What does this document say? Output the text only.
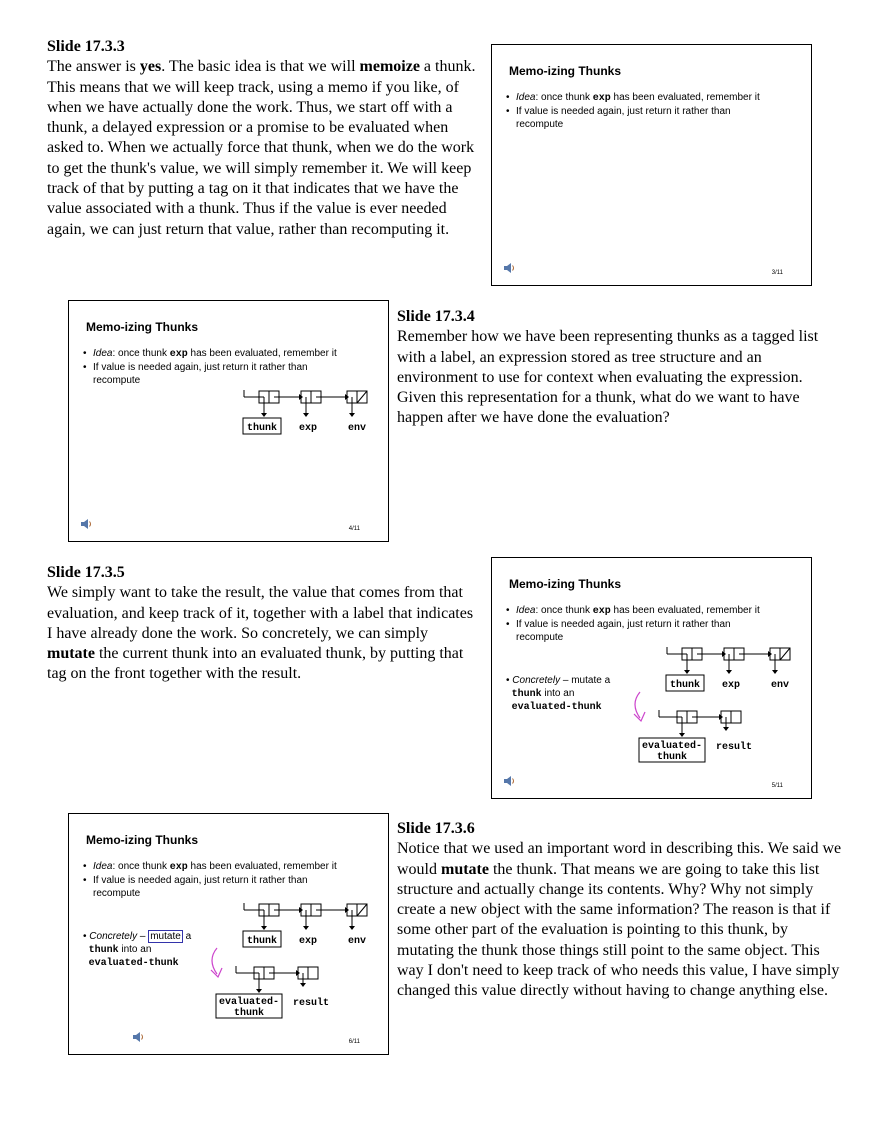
Slide 17.3.3

The answer is yes. The basic idea is that we will memoize a thunk. This means that we will keep track, using a memo if you like, of when we have actually done the work. Thus, we start off with a thunk, a delayed expression or a promise to be evaluated when asked to. When we actually force that thunk, when we do the work to get the thunk's value, we will simply remember it. We will keep track of that by putting a tag on it that indicates that we have the value associated with a thunk. Thus if the value is ever needed again, we can just return that value, rather than recomputing it.

Memo-izing Thunks
• Idea: once thunk exp has been evaluated, remember it
• If value is needed again, just return it rather than recompute
3/11
Memo-izing Thunks
• Idea: once thunk exp has been evaluated, remember it
• If value is needed again, just return it rather than recompute
thunk exp	env
4/11
Slide 17.3.4

Remember how we have been representing thunks as a tagged list with a label, an expression stored as tree structure and an environment to use for context when evaluating the expression. Given this representation for a thunk, what do we want to have happen after we have done the evaluation?

Slide 17.3.5

We simply want to take the result, the value that comes from that evaluation, and keep track of it, together with a label that indicates I have already done the work. So concretely, we can simply mutate the current thunk into an evaluated thunk, by putting that tag on the front together with the result.

Memo-izing Thunks
• Idea: once thunk exp has been evaluated, remember it
• If value is needed again, just return it rather than recompute
• Concretely – mutate a
thunk into an
evaluated-thunk
thunk exp	env
evaluated-
thunk
result
5/11
Memo-izing Thunks
• Idea: once thunk exp has been evaluated, remember it
• If value is needed again, just return it rather than recompute
• Concretely – mutate a
thunk into an
evaluated-thunk
thunk exp	env
evaluated-
thunk
result
6/11
Slide 17.3.6

Notice that we used an important word in describing this. We said we would mutate the thunk. That means we are going to take this list structure and actually change its contents. Why? Why not simply create a new object with the same information? The reason is that if some other part of the evaluation is pointing to this thunk, by mutating the thunk those things still point to the same object. This way I don't need to keep track of who needs this value, I have simply changed this value directly without having to change anything else.
